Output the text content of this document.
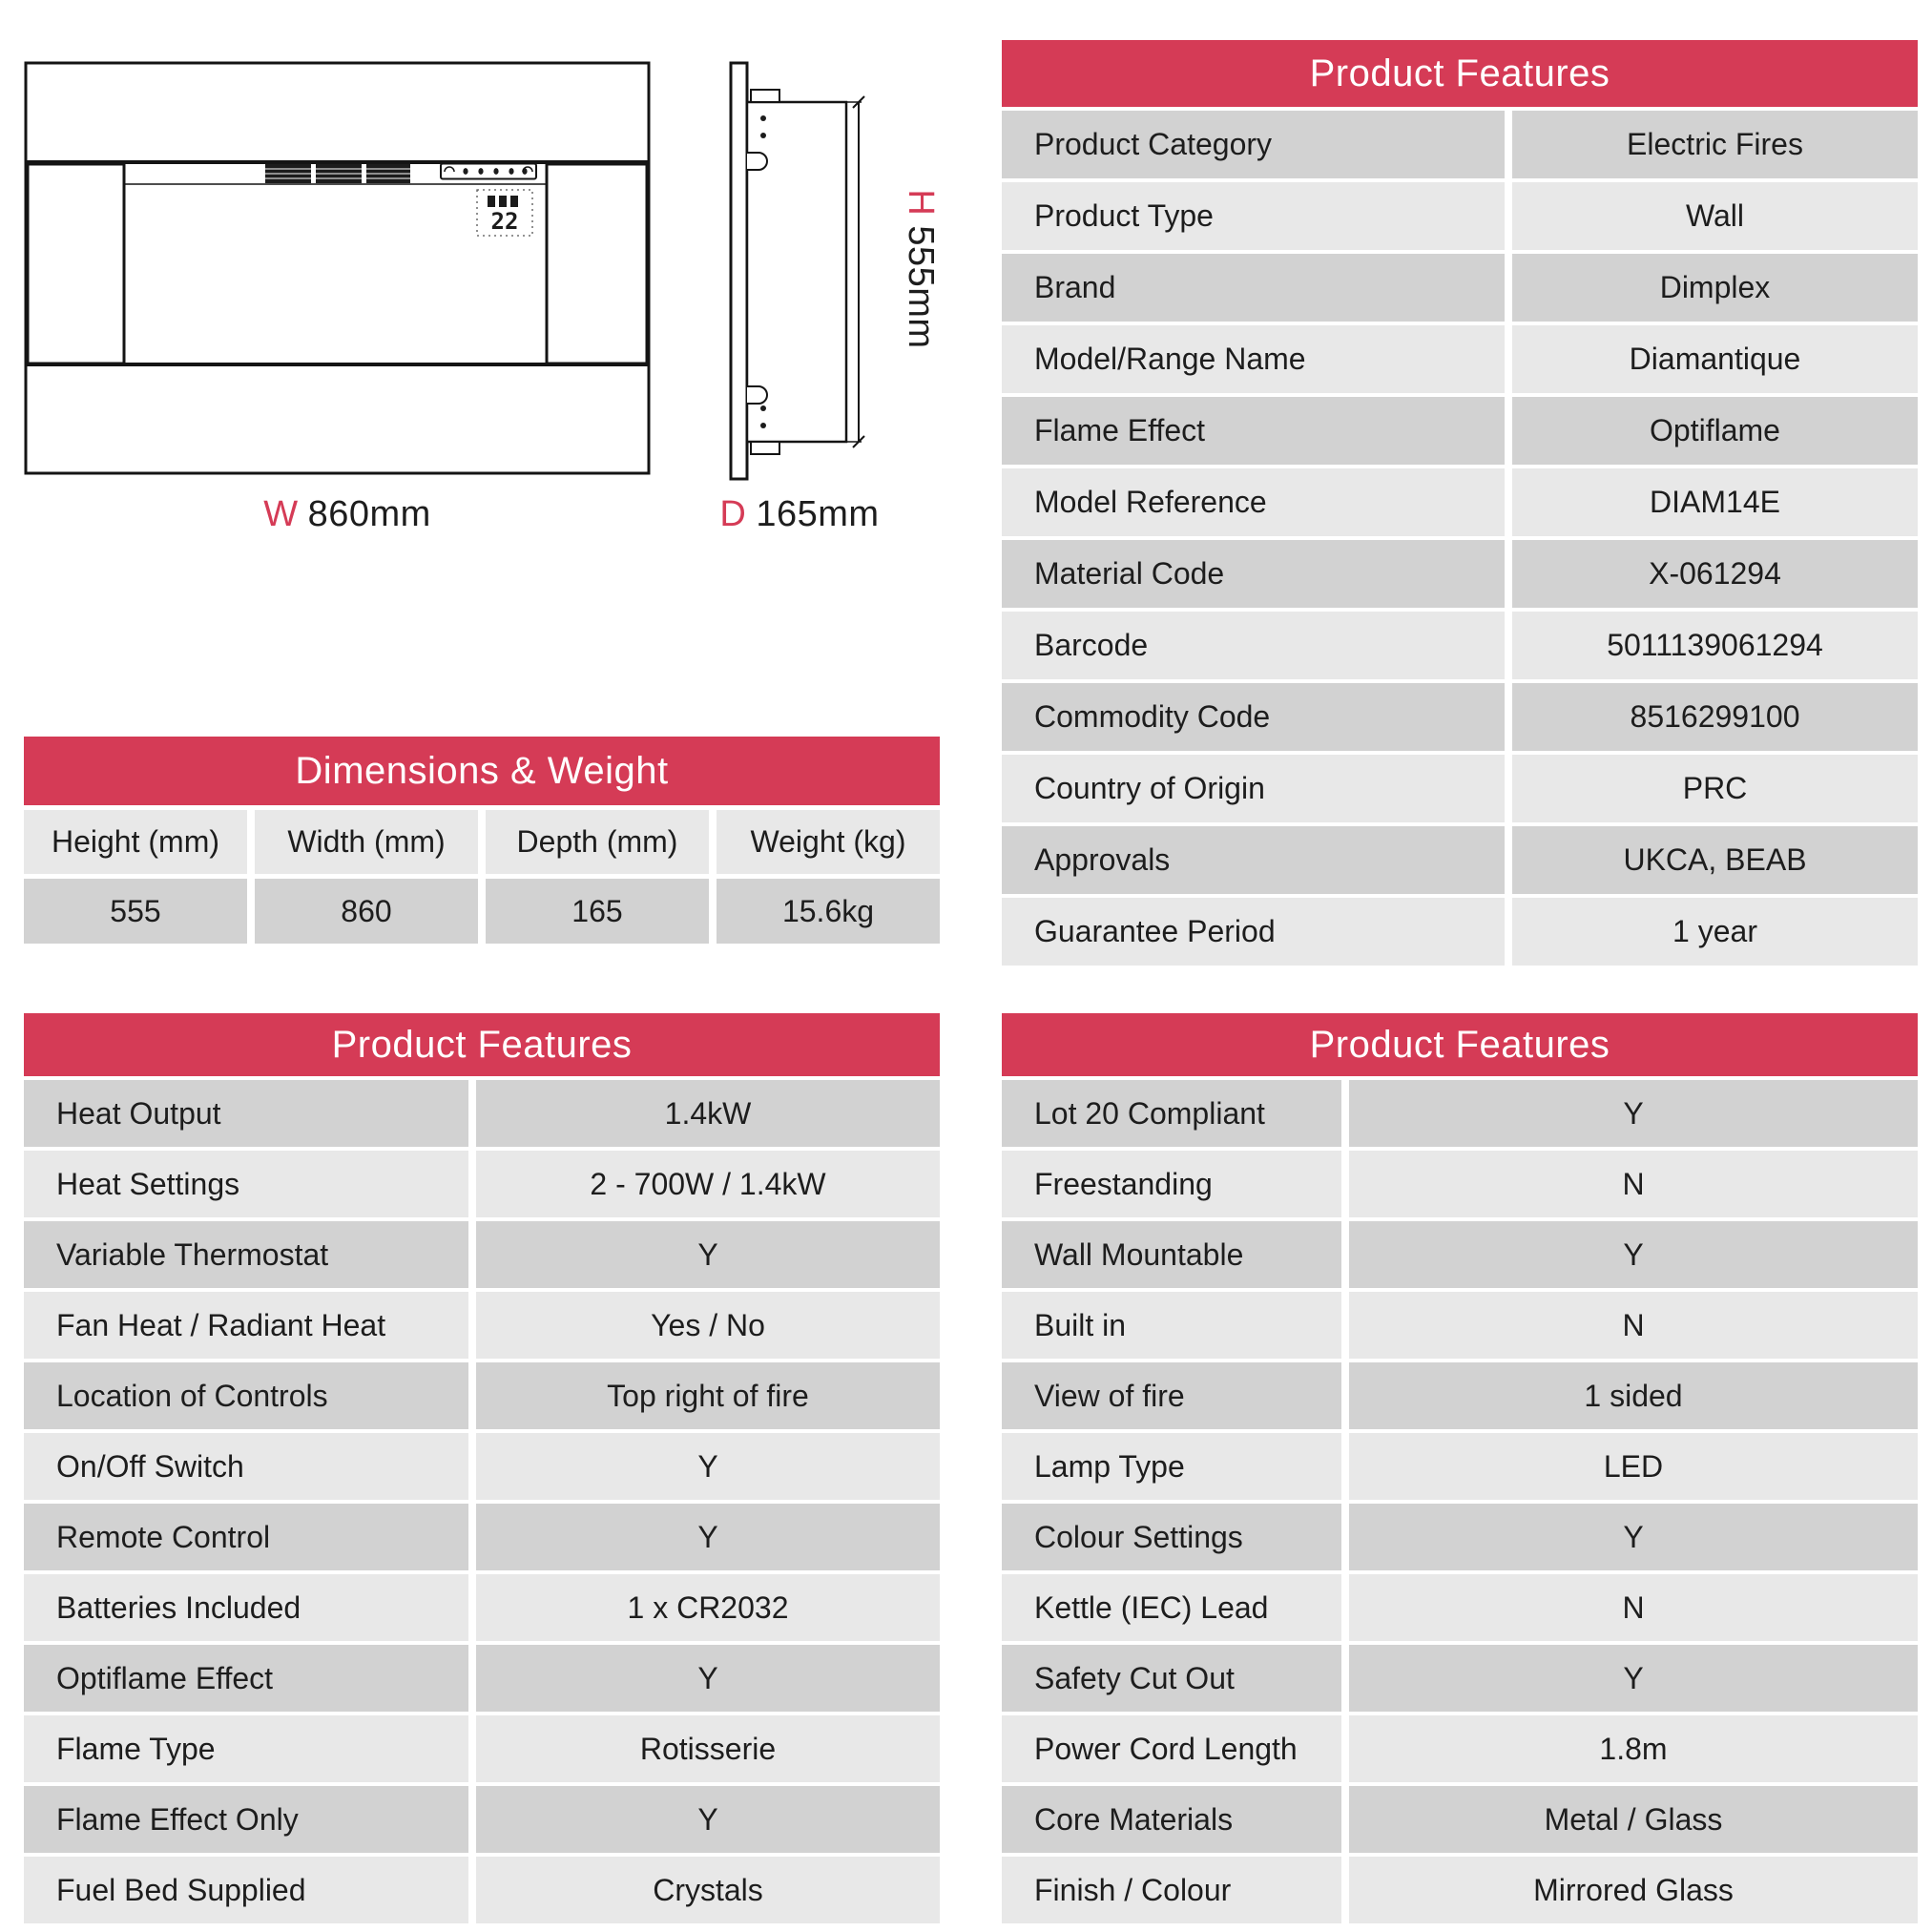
22
W 860mm	D 165mm
H555mm
Product Features
Product Category	Electric Fires
Product Type	Wall
Brand	Dimplex
Model/Range Name	Diamantique
Flame Effect	Optiflame
Model Reference	DIAM14E
Material Code	X-061294
Barcode	5011139061294
Commodity Code	8516299100
Country of Origin	PRC
Approvals	UKCA, BEAB
Guarantee Period	1 year
Dimensions & Weight
Height (mm)	Width (mm)	Depth (mm)	Weight (kg)
555	860	165	15.6kg
Product Features
Heat Output	1.4kW
Heat Settings	2 - 700W / 1.4kW
Variable Thermostat	Y
Fan Heat / Radiant Heat	Yes / No
Location of Controls	Top right of fire
On/Off Switch	Y
Remote Control	Y
Batteries Included	1 x CR2032
Optiflame Effect	Y
Flame Type	Rotisserie
Flame Effect Only	Y
Fuel Bed Supplied	Crystals
Product Features
Lot 20 Compliant	Y
Freestanding	N
Wall Mountable	Y
Built in	N
View of fire	1 sided
Lamp Type	LED
Colour Settings	Y
Kettle (IEC) Lead	N
Safety Cut Out	Y
Power Cord Length	1.8m
Core Materials	Metal / Glass
Finish / Colour	Mirrored Glass
